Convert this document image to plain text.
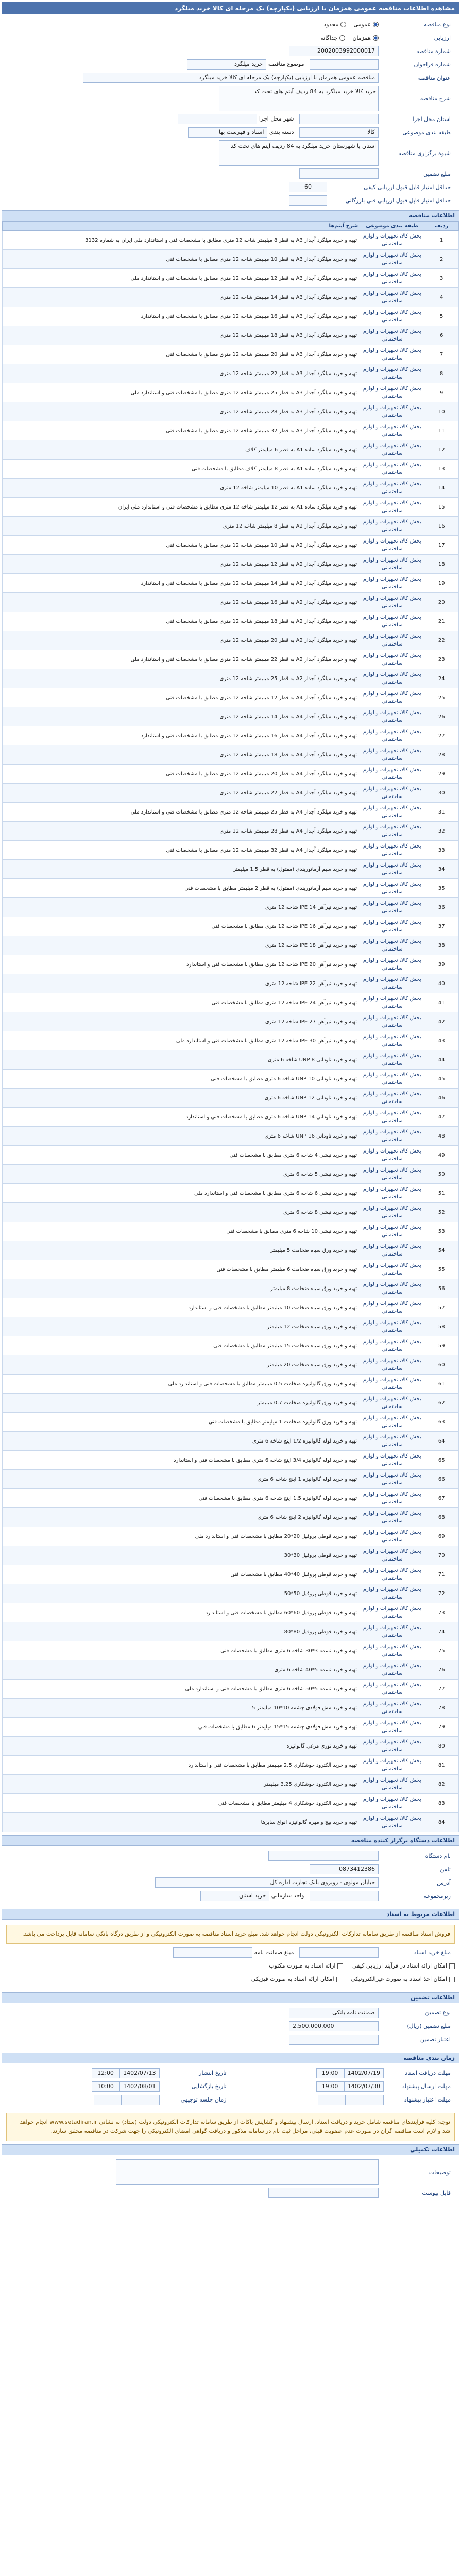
مشاهده اطلاعات مناقصه عمومی همزمان با ارزیابی (یکپارچه) یک مرحله ای کالا خرید میلگرد
نوع مناقصه
عمومی    محدود
ارزیابی
همزمان    جداگانه
شماره مناقصه
2002003992000017
شماره فراخوان
موضوع مناقصه خرید میلگرد
عنوان مناقصه
مناقصه عمومی همزمان با ارزیابی (یکپارچه) یک مرحله ای کالا خرید میلگرد
شرح مناقصه
خرید کالا خرید میلگرد به 84 ردیف آیتم های تحت کد
استان محل اجرا
شهر محل اجرا
طبقه بندی موضوعی
کالا   دسته بندی اسناد و فهرست بها
شیوه برگزاری مناقصه
استان یا شهرستان خرید میلگرد به 84 ردیف آیتم های تحت کد
مبلغ تضمین
حداقل امتیاز قابل قبول ارزیابی کیفی
60
حداقل امتیاز قابل قبول ارزیابی فنی بازرگانی
اطلاعات مناقصه
ردیف	طبقه بندی موضوعی	شرح آیتم‌ها
1	بخش کالا، تجهیزات و لوازم ساختمانی	تهیه و خرید میلگرد آجدار A3 به قطر 8 میلیمتر شاخه 12 متری مطابق با مشخصات فنی و استاندارد ملی ایران به شماره 3132
2	بخش کالا، تجهیزات و لوازم ساختمانی	تهیه و خرید میلگرد آجدار A3 به قطر 10 میلیمتر شاخه 12 متری مطابق با مشخصات فنی
3	بخش کالا، تجهیزات و لوازم ساختمانی	تهیه و خرید میلگرد آجدار A3 به قطر 12 میلیمتر شاخه 12 متری مطابق با مشخصات فنی و استاندارد ملی
4	بخش کالا، تجهیزات و لوازم ساختمانی	تهیه و خرید میلگرد آجدار A3 به قطر 14 میلیمتر شاخه 12 متری
5	بخش کالا، تجهیزات و لوازم ساختمانی	تهیه و خرید میلگرد آجدار A3 به قطر 16 میلیمتر شاخه 12 متری مطابق با مشخصات فنی و استاندارد
6	بخش کالا، تجهیزات و لوازم ساختمانی	تهیه و خرید میلگرد آجدار A3 به قطر 18 میلیمتر شاخه 12 متری
7	بخش کالا، تجهیزات و لوازم ساختمانی	تهیه و خرید میلگرد آجدار A3 به قطر 20 میلیمتر شاخه 12 متری مطابق با مشخصات فنی
8	بخش کالا، تجهیزات و لوازم ساختمانی	تهیه و خرید میلگرد آجدار A3 به قطر 22 میلیمتر شاخه 12 متری
9	بخش کالا، تجهیزات و لوازم ساختمانی	تهیه و خرید میلگرد آجدار A3 به قطر 25 میلیمتر شاخه 12 متری مطابق با مشخصات فنی و استاندارد ملی
10	بخش کالا، تجهیزات و لوازم ساختمانی	تهیه و خرید میلگرد آجدار A3 به قطر 28 میلیمتر شاخه 12 متری
11	بخش کالا، تجهیزات و لوازم ساختمانی	تهیه و خرید میلگرد آجدار A3 به قطر 32 میلیمتر شاخه 12 متری مطابق با مشخصات فنی
12	بخش کالا، تجهیزات و لوازم ساختمانی	تهیه و خرید میلگرد ساده A1 به قطر 6 میلیمتر کلاف
13	بخش کالا، تجهیزات و لوازم ساختمانی	تهیه و خرید میلگرد ساده A1 به قطر 8 میلیمتر کلاف مطابق با مشخصات فنی
14	بخش کالا، تجهیزات و لوازم ساختمانی	تهیه و خرید میلگرد ساده A1 به قطر 10 میلیمتر شاخه 12 متری
15	بخش کالا، تجهیزات و لوازم ساختمانی	تهیه و خرید میلگرد ساده A1 به قطر 12 میلیمتر شاخه 12 متری مطابق با مشخصات فنی و استاندارد ملی ایران
16	بخش کالا، تجهیزات و لوازم ساختمانی	تهیه و خرید میلگرد آجدار A2 به قطر 8 میلیمتر شاخه 12 متری
17	بخش کالا، تجهیزات و لوازم ساختمانی	تهیه و خرید میلگرد آجدار A2 به قطر 10 میلیمتر شاخه 12 متری مطابق با مشخصات فنی
18	بخش کالا، تجهیزات و لوازم ساختمانی	تهیه و خرید میلگرد آجدار A2 به قطر 12 میلیمتر شاخه 12 متری
19	بخش کالا، تجهیزات و لوازم ساختمانی	تهیه و خرید میلگرد آجدار A2 به قطر 14 میلیمتر شاخه 12 متری مطابق با مشخصات فنی و استاندارد
20	بخش کالا، تجهیزات و لوازم ساختمانی	تهیه و خرید میلگرد آجدار A2 به قطر 16 میلیمتر شاخه 12 متری
21	بخش کالا، تجهیزات و لوازم ساختمانی	تهیه و خرید میلگرد آجدار A2 به قطر 18 میلیمتر شاخه 12 متری مطابق با مشخصات فنی
22	بخش کالا، تجهیزات و لوازم ساختمانی	تهیه و خرید میلگرد آجدار A2 به قطر 20 میلیمتر شاخه 12 متری
23	بخش کالا، تجهیزات و لوازم ساختمانی	تهیه و خرید میلگرد آجدار A2 به قطر 22 میلیمتر شاخه 12 متری مطابق با مشخصات فنی و استاندارد ملی
24	بخش کالا، تجهیزات و لوازم ساختمانی	تهیه و خرید میلگرد آجدار A2 به قطر 25 میلیمتر شاخه 12 متری
25	بخش کالا، تجهیزات و لوازم ساختمانی	تهیه و خرید میلگرد آجدار A4 به قطر 12 میلیمتر شاخه 12 متری مطابق با مشخصات فنی
26	بخش کالا، تجهیزات و لوازم ساختمانی	تهیه و خرید میلگرد آجدار A4 به قطر 14 میلیمتر شاخه 12 متری
27	بخش کالا، تجهیزات و لوازم ساختمانی	تهیه و خرید میلگرد آجدار A4 به قطر 16 میلیمتر شاخه 12 متری مطابق با مشخصات فنی و استاندارد
28	بخش کالا، تجهیزات و لوازم ساختمانی	تهیه و خرید میلگرد آجدار A4 به قطر 18 میلیمتر شاخه 12 متری
29	بخش کالا، تجهیزات و لوازم ساختمانی	تهیه و خرید میلگرد آجدار A4 به قطر 20 میلیمتر شاخه 12 متری مطابق با مشخصات فنی
30	بخش کالا، تجهیزات و لوازم ساختمانی	تهیه و خرید میلگرد آجدار A4 به قطر 22 میلیمتر شاخه 12 متری
31	بخش کالا، تجهیزات و لوازم ساختمانی	تهیه و خرید میلگرد آجدار A4 به قطر 25 میلیمتر شاخه 12 متری مطابق با مشخصات فنی و استاندارد ملی
32	بخش کالا، تجهیزات و لوازم ساختمانی	تهیه و خرید میلگرد آجدار A4 به قطر 28 میلیمتر شاخه 12 متری
33	بخش کالا، تجهیزات و لوازم ساختمانی	تهیه و خرید میلگرد آجدار A4 به قطر 32 میلیمتر شاخه 12 متری مطابق با مشخصات فنی
34	بخش کالا، تجهیزات و لوازم ساختمانی	تهیه و خرید سیم آرماتوربندی (مفتول) به قطر 1.5 میلیمتر
35	بخش کالا، تجهیزات و لوازم ساختمانی	تهیه و خرید سیم آرماتوربندی (مفتول) به قطر 2 میلیمتر مطابق با مشخصات فنی
36	بخش کالا، تجهیزات و لوازم ساختمانی	تهیه و خرید تیرآهن IPE 14 شاخه 12 متری
37	بخش کالا، تجهیزات و لوازم ساختمانی	تهیه و خرید تیرآهن IPE 16 شاخه 12 متری مطابق با مشخصات فنی
38	بخش کالا، تجهیزات و لوازم ساختمانی	تهیه و خرید تیرآهن IPE 18 شاخه 12 متری
39	بخش کالا، تجهیزات و لوازم ساختمانی	تهیه و خرید تیرآهن IPE 20 شاخه 12 متری مطابق با مشخصات فنی و استاندارد
40	بخش کالا، تجهیزات و لوازم ساختمانی	تهیه و خرید تیرآهن IPE 22 شاخه 12 متری
41	بخش کالا، تجهیزات و لوازم ساختمانی	تهیه و خرید تیرآهن IPE 24 شاخه 12 متری مطابق با مشخصات فنی
42	بخش کالا، تجهیزات و لوازم ساختمانی	تهیه و خرید تیرآهن IPE 27 شاخه 12 متری
43	بخش کالا، تجهیزات و لوازم ساختمانی	تهیه و خرید تیرآهن IPE 30 شاخه 12 متری مطابق با مشخصات فنی و استاندارد ملی
44	بخش کالا، تجهیزات و لوازم ساختمانی	تهیه و خرید ناودانی UNP 8 شاخه 6 متری
45	بخش کالا، تجهیزات و لوازم ساختمانی	تهیه و خرید ناودانی UNP 10 شاخه 6 متری مطابق با مشخصات فنی
46	بخش کالا، تجهیزات و لوازم ساختمانی	تهیه و خرید ناودانی UNP 12 شاخه 6 متری
47	بخش کالا، تجهیزات و لوازم ساختمانی	تهیه و خرید ناودانی UNP 14 شاخه 6 متری مطابق با مشخصات فنی و استاندارد
48	بخش کالا، تجهیزات و لوازم ساختمانی	تهیه و خرید ناودانی UNP 16 شاخه 6 متری
49	بخش کالا، تجهیزات و لوازم ساختمانی	تهیه و خرید نبشی 4 شاخه 6 متری مطابق با مشخصات فنی
50	بخش کالا، تجهیزات و لوازم ساختمانی	تهیه و خرید نبشی 5 شاخه 6 متری
51	بخش کالا، تجهیزات و لوازم ساختمانی	تهیه و خرید نبشی 6 شاخه 6 متری مطابق با مشخصات فنی و استاندارد ملی
52	بخش کالا، تجهیزات و لوازم ساختمانی	تهیه و خرید نبشی 8 شاخه 6 متری
53	بخش کالا، تجهیزات و لوازم ساختمانی	تهیه و خرید نبشی 10 شاخه 6 متری مطابق با مشخصات فنی
54	بخش کالا، تجهیزات و لوازم ساختمانی	تهیه و خرید ورق سیاه ضخامت 5 میلیمتر
55	بخش کالا، تجهیزات و لوازم ساختمانی	تهیه و خرید ورق سیاه ضخامت 6 میلیمتر مطابق با مشخصات فنی
56	بخش کالا، تجهیزات و لوازم ساختمانی	تهیه و خرید ورق سیاه ضخامت 8 میلیمتر
57	بخش کالا، تجهیزات و لوازم ساختمانی	تهیه و خرید ورق سیاه ضخامت 10 میلیمتر مطابق با مشخصات فنی و استاندارد
58	بخش کالا، تجهیزات و لوازم ساختمانی	تهیه و خرید ورق سیاه ضخامت 12 میلیمتر
59	بخش کالا، تجهیزات و لوازم ساختمانی	تهیه و خرید ورق سیاه ضخامت 15 میلیمتر مطابق با مشخصات فنی
60	بخش کالا، تجهیزات و لوازم ساختمانی	تهیه و خرید ورق سیاه ضخامت 20 میلیمتر
61	بخش کالا، تجهیزات و لوازم ساختمانی	تهیه و خرید ورق گالوانیزه ضخامت 0.5 میلیمتر مطابق با مشخصات فنی و استاندارد ملی
62	بخش کالا، تجهیزات و لوازم ساختمانی	تهیه و خرید ورق گالوانیزه ضخامت 0.7 میلیمتر
63	بخش کالا، تجهیزات و لوازم ساختمانی	تهیه و خرید ورق گالوانیزه ضخامت 1 میلیمتر مطابق با مشخصات فنی
64	بخش کالا، تجهیزات و لوازم ساختمانی	تهیه و خرید لوله گالوانیزه 1/2 اینچ شاخه 6 متری
65	بخش کالا، تجهیزات و لوازم ساختمانی	تهیه و خرید لوله گالوانیزه 3/4 اینچ شاخه 6 متری مطابق با مشخصات فنی و استاندارد
66	بخش کالا، تجهیزات و لوازم ساختمانی	تهیه و خرید لوله گالوانیزه 1 اینچ شاخه 6 متری
67	بخش کالا، تجهیزات و لوازم ساختمانی	تهیه و خرید لوله گالوانیزه 1.5 اینچ شاخه 6 متری مطابق با مشخصات فنی
68	بخش کالا، تجهیزات و لوازم ساختمانی	تهیه و خرید لوله گالوانیزه 2 اینچ شاخه 6 متری
69	بخش کالا، تجهیزات و لوازم ساختمانی	تهیه و خرید قوطی پروفیل 20*20 مطابق با مشخصات فنی و استاندارد ملی
70	بخش کالا، تجهیزات و لوازم ساختمانی	تهیه و خرید قوطی پروفیل 30*30
71	بخش کالا، تجهیزات و لوازم ساختمانی	تهیه و خرید قوطی پروفیل 40*40 مطابق با مشخصات فنی
72	بخش کالا، تجهیزات و لوازم ساختمانی	تهیه و خرید قوطی پروفیل 50*50
73	بخش کالا، تجهیزات و لوازم ساختمانی	تهیه و خرید قوطی پروفیل 60*60 مطابق با مشخصات فنی و استاندارد
74	بخش کالا، تجهیزات و لوازم ساختمانی	تهیه و خرید قوطی پروفیل 80*80
75	بخش کالا، تجهیزات و لوازم ساختمانی	تهیه و خرید تسمه 3*30 شاخه 6 متری مطابق با مشخصات فنی
76	بخش کالا، تجهیزات و لوازم ساختمانی	تهیه و خرید تسمه 5*40 شاخه 6 متری
77	بخش کالا، تجهیزات و لوازم ساختمانی	تهیه و خرید تسمه 5*50 شاخه 6 متری مطابق با مشخصات فنی و استاندارد ملی
78	بخش کالا، تجهیزات و لوازم ساختمانی	تهیه و خرید مش فولادی چشمه 10*10 میلیمتر 5
79	بخش کالا، تجهیزات و لوازم ساختمانی	تهیه و خرید مش فولادی چشمه 15*15 میلیمتر 6 مطابق با مشخصات فنی
80	بخش کالا، تجهیزات و لوازم ساختمانی	تهیه و خرید توری مرغی گالوانیزه
81	بخش کالا، تجهیزات و لوازم ساختمانی	تهیه و خرید الکترود جوشکاری 2.5 میلیمتر مطابق با مشخصات فنی و استاندارد
82	بخش کالا، تجهیزات و لوازم ساختمانی	تهیه و خرید الکترود جوشکاری 3.25 میلیمتر
83	بخش کالا، تجهیزات و لوازم ساختمانی	تهیه و خرید الکترود جوشکاری 4 میلیمتر مطابق با مشخصات فنی
84	بخش کالا، تجهیزات و لوازم ساختمانی	تهیه و خرید پیچ و مهره گالوانیزه انواع سایزها
اطلاعات دستگاه برگزار کننده مناقصه
نام دستگاه
تلفن
0873412386
آدرس
خیابان مولوی - روبروی بانک تجارت اداره کل
زیرمجموعه
واحد سازمانی خرید استان
اطلاعات مربوط به اسناد
فروش اسناد مناقصه از طریق سامانه تدارکات الکترونیکی دولت انجام خواهد شد. مبلغ خرید اسناد مناقصه به صورت الکترونیکی و از طریق درگاه بانکی سامانه قابل پرداخت می باشد.
مبلغ خرید اسناد
مبلغ ضمانت نامه
امکان ارائه اسناد در فرآیند ارزیابی کیفی     ارائه اسناد به صورت مکتوب
امکان اخذ اسناد به صورت غیرالکترونیکی     امکان ارائه اسناد به صورت فیزیکی
اطلاعات تضمین
نوع تضمین
ضمانت نامه بانکی
مبلغ تضمین (ریال)
2,500,000,000
اعتبار تضمین
زمان بندی مناقصه
مهلت دریافت اسناد
1402/07/19
19:00
تاریخ انتشار
1402/07/13
12:00
مهلت ارسال پیشنهاد
1402/07/30
19:00
تاریخ بازگشایی
1402/08/01
10:00
مهلت اعتبار پیشنهاد
زمان جلسه توجیهی
توجه: کلیه فرآیندهای مناقصه شامل خرید و دریافت اسناد، ارسال پیشنهاد و گشایش پاکات از طریق سامانه تدارکات الکترونیکی دولت (ستاد) به نشانی www.setadiran.ir انجام خواهد شد و لازم است مناقصه گران در صورت عدم عضویت قبلی، مراحل ثبت نام در سامانه مذکور و دریافت گواهی امضای الکترونیکی را جهت شرکت در مناقصه محقق سازند.
اطلاعات تکمیلی
توضیحات
فایل پیوست
